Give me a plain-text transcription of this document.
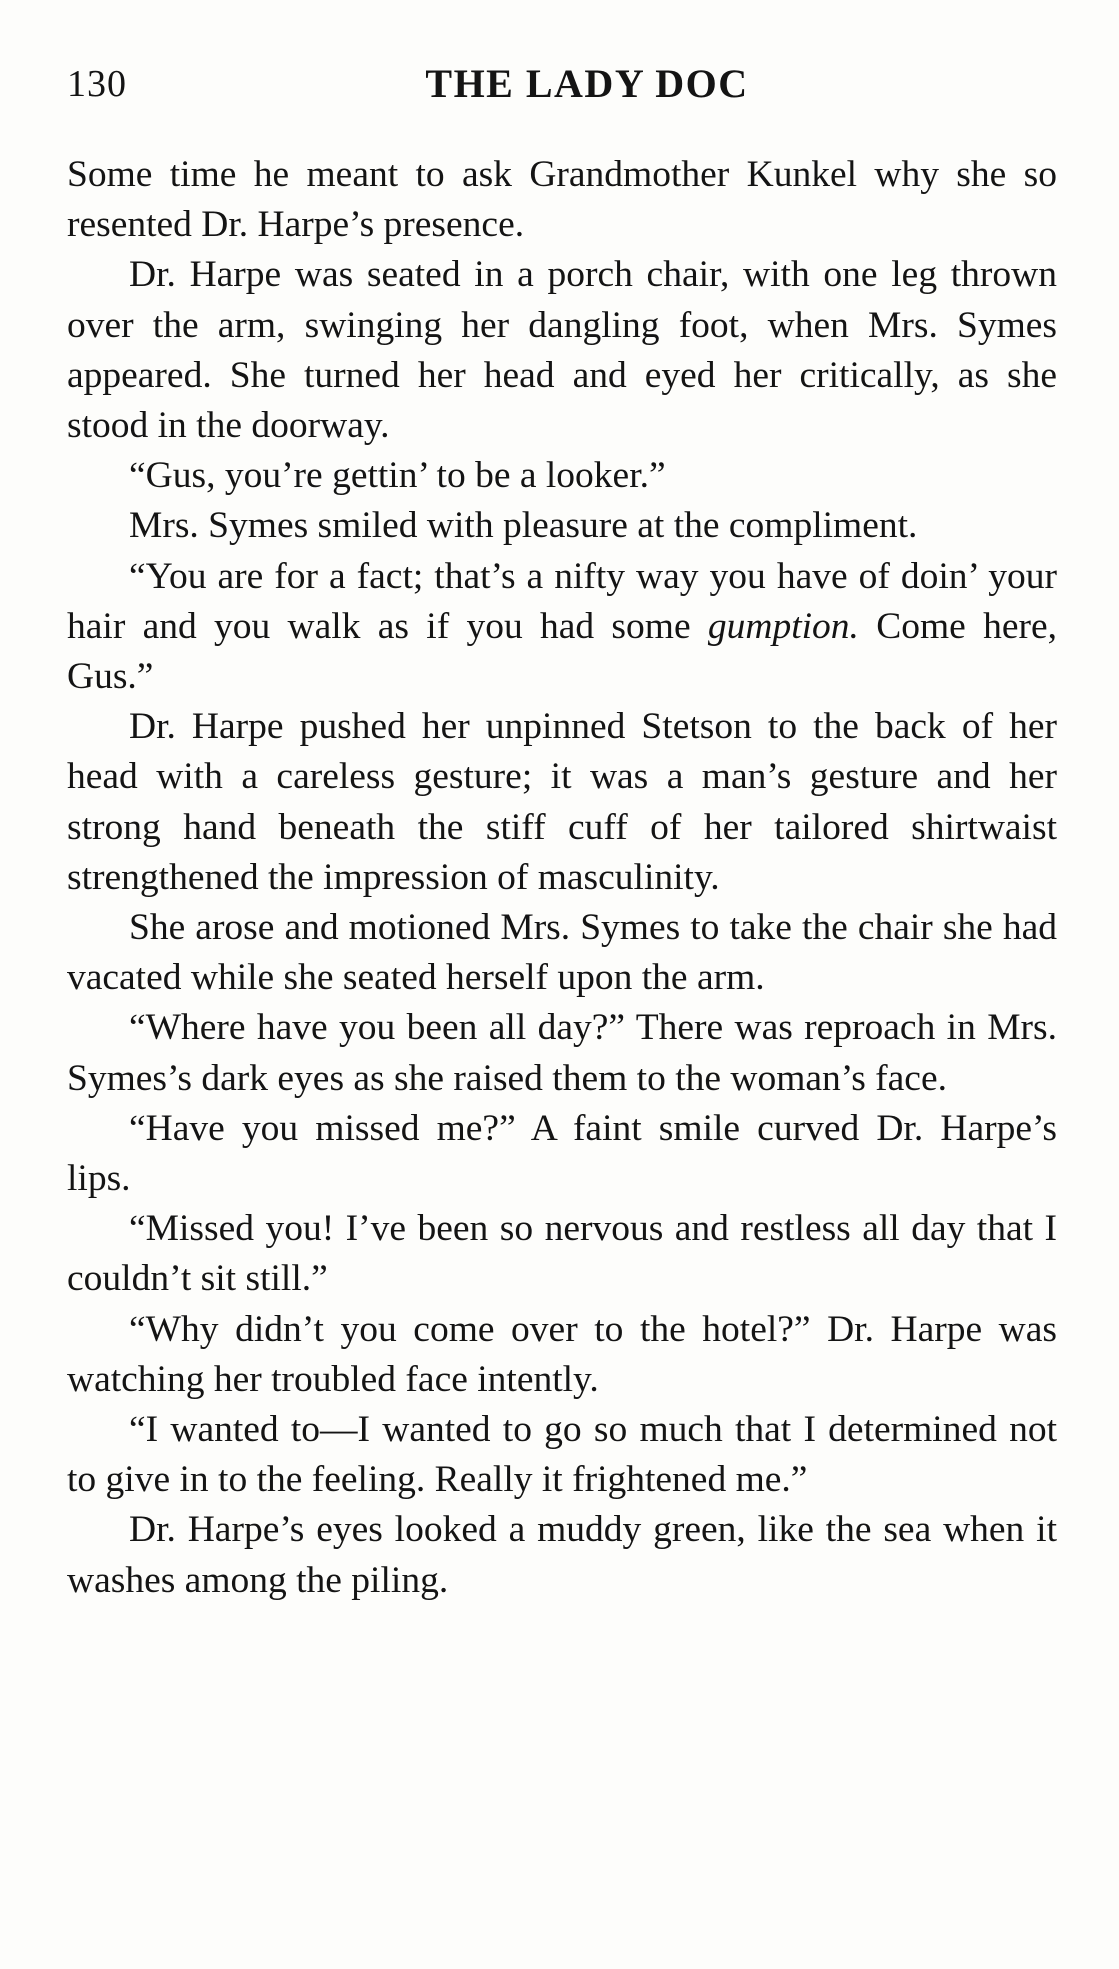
130	THE LADY DOC

Some time he meant to ask Grandmother Kunkel why she so resented Dr. Harpe’s presence.

Dr. Harpe was seated in a porch chair, with one leg thrown over the arm, swinging her dangling foot, when Mrs. Symes appeared. She turned her head and eyed her critically, as she stood in the doorway.

“Gus, you’re gettin’ to be a looker.”

Mrs. Symes smiled with pleasure at the compliment.

“You are for a fact; that’s a nifty way you have of doin’ your hair and you walk as if you had some gumption. Come here, Gus.”

Dr. Harpe pushed her unpinned Stetson to the back of her head with a careless gesture; it was a man’s gesture and her strong hand beneath the stiff cuff of her tailored shirtwaist strengthened the impression of masculinity.

She arose and motioned Mrs. Symes to take the chair she had vacated while she seated herself upon the arm.

“Where have you been all day?” There was reproach in Mrs. Symes’s dark eyes as she raised them to the woman’s face.

“Have you missed me?” A faint smile curved Dr. Harpe’s lips.

“Missed you! I’ve been so nervous and restless all day that I couldn’t sit still.”

“Why didn’t you come over to the hotel?” Dr. Harpe was watching her troubled face intently.

“I wanted to—I wanted to go so much that I determined not to give in to the feeling. Really it frightened me.”

Dr. Harpe’s eyes looked a muddy green, like the sea when it washes among the piling.
